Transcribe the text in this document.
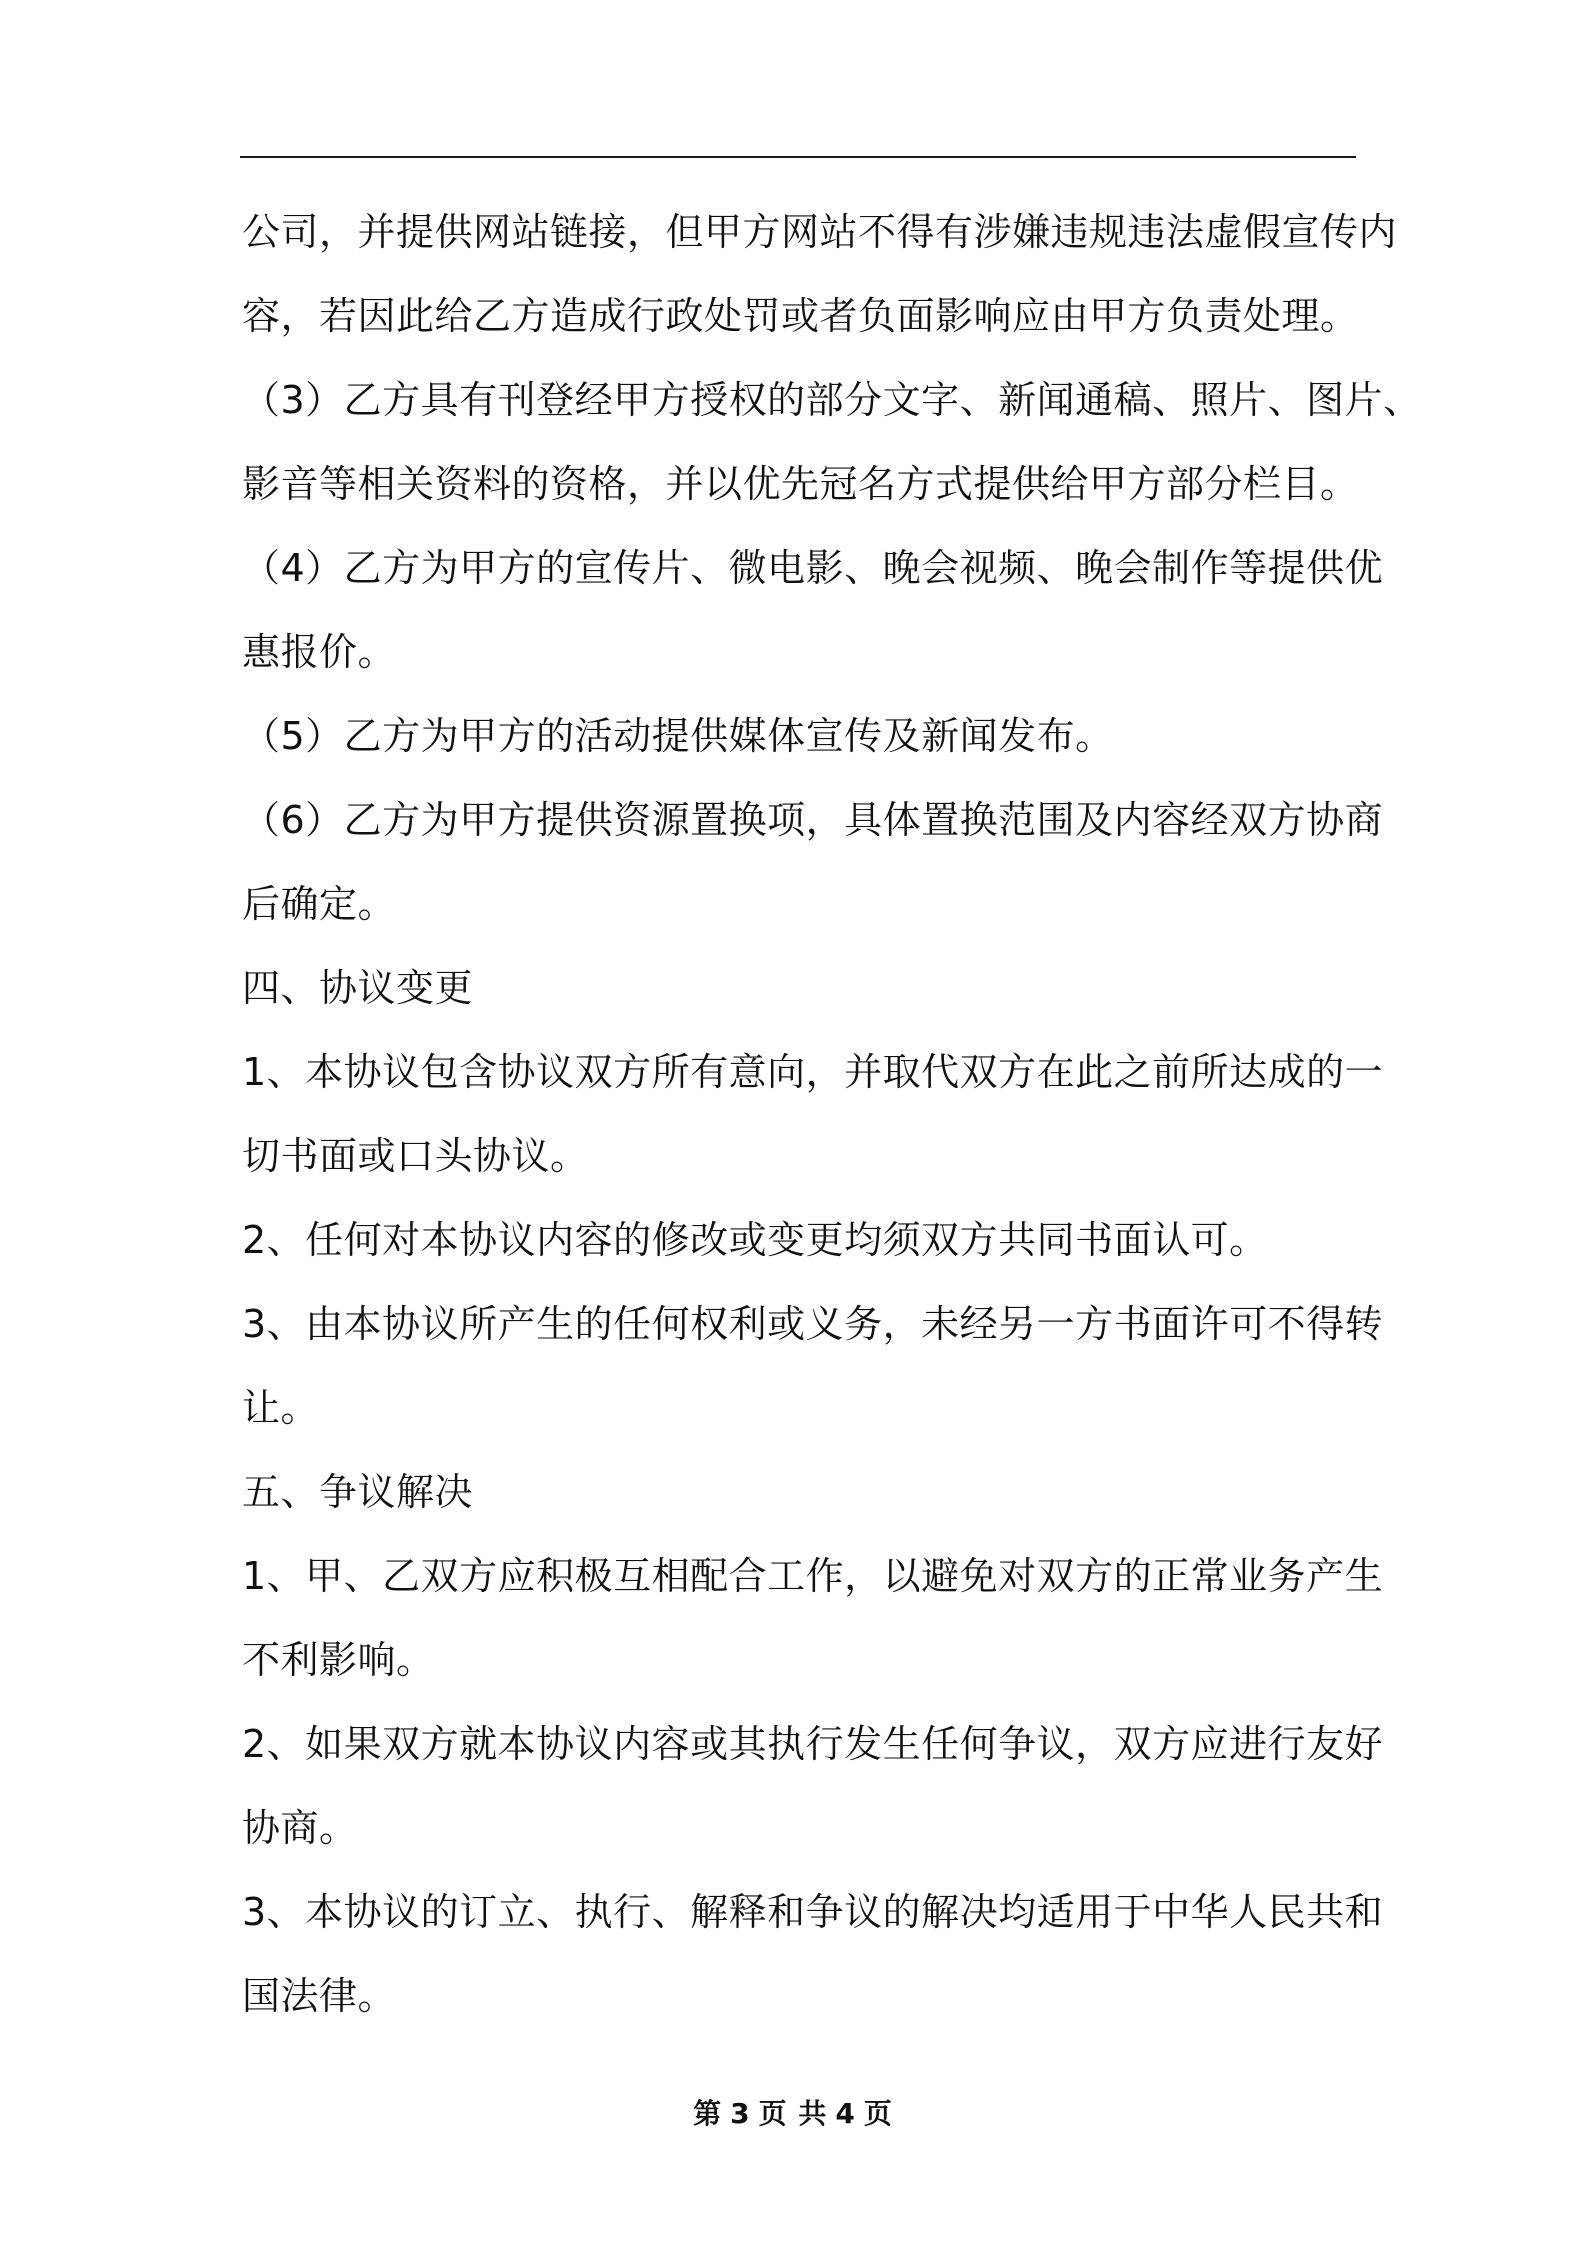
公司，并提供网站链接，但甲方网站不得有涉嫌违规违法虚假宣传内
容，若因此给乙方造成行政处罚或者负面影响应由甲方负责处理。
（3）乙方具有刊登经甲方授权的部分文字、新闻通稿、照片、图片、
影音等相关资料的资格，并以优先冠名方式提供给甲方部分栏目。
（4）乙方为甲方的宣传片、微电影、晚会视频、晚会制作等提供优
惠报价。
（5）乙方为甲方的活动提供媒体宣传及新闻发布。
（6）乙方为甲方提供资源置换项，具体置换范围及内容经双方协商
后确定。
四、协议变更
1、本协议包含协议双方所有意向，并取代双方在此之前所达成的一
切书面或口头协议。
2、任何对本协议内容的修改或变更均须双方共同书面认可。
3、由本协议所产生的任何权利或义务，未经另一方书面许可不得转
让。
五、争议解决
1、甲、乙双方应积极互相配合工作，以避免对双方的正常业务产生
不利影响。
2、如果双方就本协议内容或其执行发生任何争议，双方应进行友好
协商。
3、本协议的订立、执行、解释和争议的解决均适用于中华人民共和
国法律。
第 3 页 共 4 页
